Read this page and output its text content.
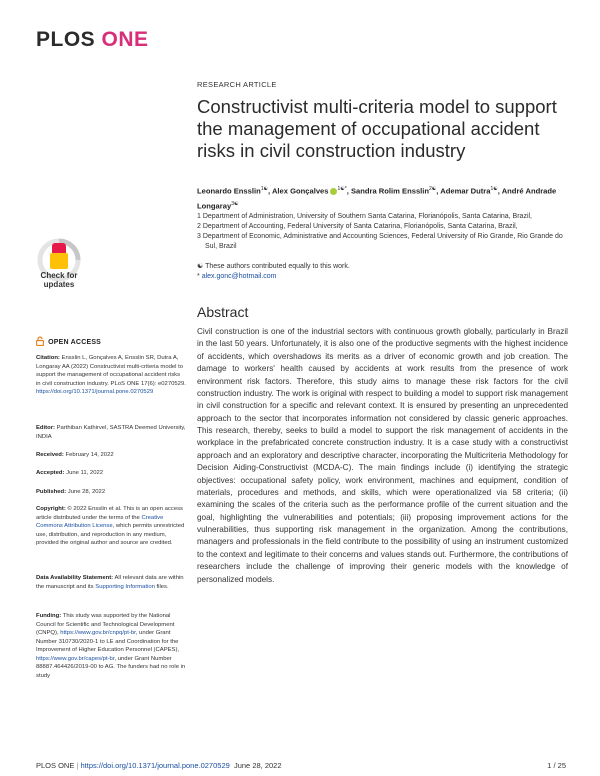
PLOS ONE
RESEARCH ARTICLE
Constructivist multi-criteria model to support the management of occupational accident risks in civil construction industry
Leonardo Ensslin$^{1☯}$, Alex Gonçalves $^{1☯*}$, Sandra Rolim Ensslin$^{2☯}$, Ademar Dutra$^{1☯}$, André Andrade Longaray$^{3☯}$
1 Department of Administration, University of Southern Santa Catarina, Florianópolis, Santa Catarina, Brazil,
2 Department of Accounting, Federal University of Santa Catarina, Florianópolis, Santa Catarina, Brazil,
3 Department of Economic, Administrative and Accounting Sciences, Federal University of Rio Grande, Rio Grande do Sul, Brazil
☯ These authors contributed equally to this work.
* alex.gonc@hotmail.com
Abstract
Civil construction is one of the industrial sectors with continuous growth globally, particularly in Brazil in the last 50 years. Unfortunately, it is also one of the productive segments with the highest incidence of accidents, which overshadows its merits as a driver of economic growth and job creation. The damage to workers' health caused by accidents at work results from the presence of work environment risk factors. Therefore, this study aims to manage these risk factors for the civil construction industry. The work is original with respect to building a model to support risk management in civil construction for a specific and relevant context. It is ensured by presenting an unprecedented approach to the sector that incorporates information not considered by classic generic approaches. This research, thereby, seeks to build a model to support the risk management of accidents in the workplace in the prefabricated concrete construction industry. It is a case study with a constructivist approach and an exploratory and descriptive character, incorporating the Multicriteria Methodology for Decision Aiding-Constructivist (MCDA-C). The main findings include (i) identifying the strategic objectives: occupational safety policy, work environment, machines and equipment, condition of materials, procedures and methods, and skills, which were operationalized via 58 criteria; (ii) examining the scales of the criteria such as the performance profile of the current situation and the goal, highlighting the vulnerabilities and potentials; (iii) proposing improvement actions for the vulnerabilities, thus supporting risk management in the organization. Among the contributions, managers and professionals in the field contribute to the possibility of using an instrument customized to the context and legitimate to their concerns and values stands out. Furthermore, the contributions of researchers include the challenge of improving their generic models with the knowledge of personalized models.
Check for
updates
OPEN ACCESS
Citation: Ensslin L, Gonçalves A, Ensslin SR, Dutra A, Longaray AA (2022) Constructivist multi-criteria model to support the management of occupational accident risks in civil construction industry. PLoS ONE 17(6): e0270529. https://doi.org/10.1371/journal.pone.0270529
Editor: Parthiban Kathirvel, SASTRA Deemed University, INDIA
Received: February 14, 2022
Accepted: June 11, 2022
Published: June 28, 2022
Copyright: © 2022 Ensslin et al. This is an open access article distributed under the terms of the Creative Commons Attribution License, which permits unrestricted use, distribution, and reproduction in any medium, provided the original author and source are credited.
Data Availability Statement: All relevant data are within the manuscript and its Supporting Information files.
Funding: This study was supported by the National Council for Scientific and Technological Development (CNPQ), https://www.gov.br/cnpq/pt-br, under Grant Number 310730/2020-1 to LE and Coordination for the Improvement of Higher Education Personnel (CAPES), https://www.gov.br/capes/pt-br, under Grant Number 88887.464426/2019-00 to AG. The funders had no role in study
PLOS ONE | https://doi.org/10.1371/journal.pone.0270529 June 28, 2022	1 / 25
